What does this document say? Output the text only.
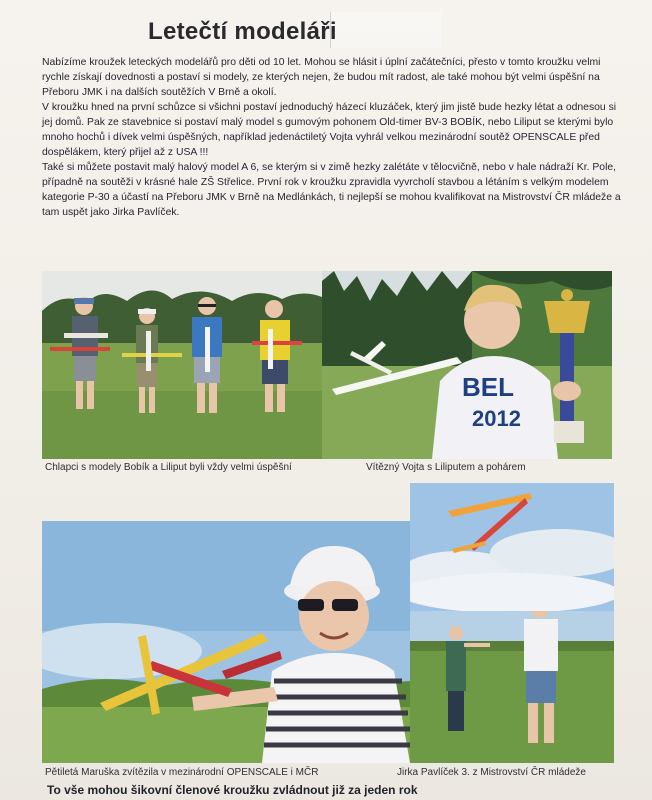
Letečtí modeláři

Nabízíme kroužek leteckých modelářů pro děti od 10 let. Mohou se hlásit i úplní začátečníci, přesto v tomto kroužku velmi rychle získají dovednosti a postaví si modely, ze kterých nejen, že budou mít radost, ale také mohou být velmi úspěšní na Přeboru JMK i na dalších soutěžích V Brně a okolí.

V kroužku hned na první schůzce si všichni postaví jednoduchý házecí kluzáček, který jim jistě bude hezky létat a odnesou si jej domů. Pak ze stavebnice si postaví malý model s gumovým pohonem Old-timer BV-3 BOBÍK, nebo Liliput se kterými bylo mnoho hochů i dívek velmi úspěšných, například jedenáctiletý Vojta vyhrál velkou mezinárodní soutěž OPENSCALE před dospělákem, který přijel až z USA !!!

Také si můžete postavit malý halový model A 6, se kterým si v zimě hezky zalétáte v tělocvičně, nebo v hale nádraží Kr. Pole, případně na soutěži v krásné hale ZŠ Střelice. První rok v kroužku zpravidla vyvrcholí stavbou a létáním s velkým modelem kategorie P-30 a účastí na Přeboru JMK v Brně na Medlánkách, ti nejlepší se mohou kvalifikovat na Mistrovství ČR mládeže a tam uspět jako Jirka Pavlíček.

BEL
2012
Chlapci s modely Bobík a Liliput byli vždy velmi úspěšní	Vítězný Vojta s Liliputem a pohárem
Pětiletá Maruška zvítězila v mezinárodní OPENSCALE i MČR	Jirka Pavlíček 3. z Mistrovství ČR mládeže
To vše mohou šikovní členové kroužku zvládnout již za jeden rok
